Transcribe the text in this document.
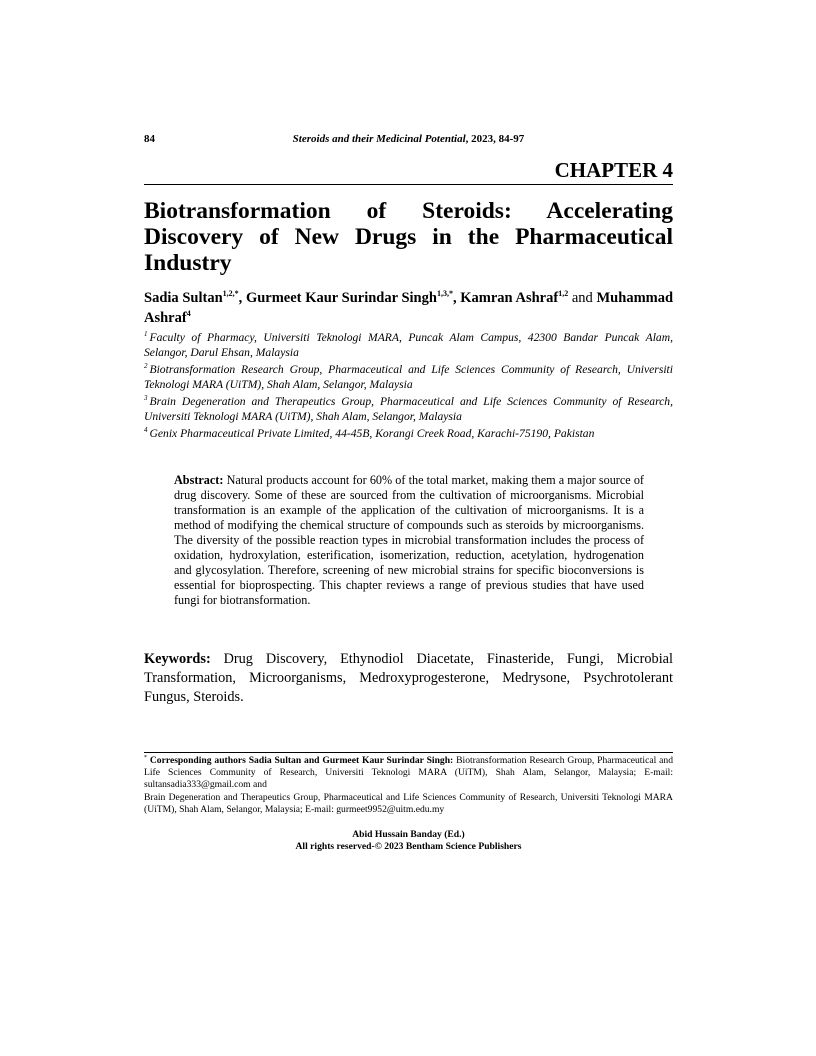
84	Steroids and their Medicinal Potential, 2023, 84-97
CHAPTER 4
Biotransformation of Steroids: Accelerating Discovery of New Drugs in the Pharmaceutical Industry
Sadia Sultan$^{1,2,*}$, Gurmeet Kaur Surindar Singh$^{1,3,*}$, Kamran Ashraf$^{1,2}$ and Muhammad Ashraf$^4$

$^1$ Faculty of Pharmacy, Universiti Teknologi MARA, Puncak Alam Campus, 42300 Bandar Puncak Alam, Selangor, Darul Ehsan, Malaysia

$^2$ Biotransformation Research Group, Pharmaceutical and Life Sciences Community of Research, Universiti Teknologi MARA (UiTM), Shah Alam, Selangor, Malaysia

$^3$ Brain Degeneration and Therapeutics Group, Pharmaceutical and Life Sciences Community of Research, Universiti Teknologi MARA (UiTM), Shah Alam, Selangor, Malaysia

$^4$ Genix Pharmaceutical Private Limited, 44-45B, Korangi Creek Road, Karachi-75190, Pakistan

Abstract: Natural products account for 60% of the total market, making them a major source of drug discovery. Some of these are sourced from the cultivation of microorganisms. Microbial transformation is an example of the application of the cultivation of microorganisms. It is a method of modifying the chemical structure of compounds such as steroids by microorganisms. The diversity of the possible reaction types in microbial transformation includes the process of oxidation, hydroxylation, esterification, isomerization, reduction, acetylation, hydrogenation and glycosylation. Therefore, screening of new microbial strains for specific bioconversions is essential for bioprospecting. This chapter reviews a range of previous studies that have used fungi for biotransformation.
Keywords: Drug Discovery, Ethynodiol Diacetate, Finasteride, Fungi, Microbial Transformation, Microorganisms, Medroxyprogesterone, Medrysone, Psychrotolerant Fungus, Steroids.

* Corresponding authors Sadia Sultan and Gurmeet Kaur Surindar Singh: Biotransformation Research Group, Pharmaceutical and Life Sciences Community of Research, Universiti Teknologi MARA (UiTM), Shah Alam, Selangor, Malaysia; E-mail: sultansadia333@gmail.com and

Brain Degeneration and Therapeutics Group, Pharmaceutical and Life Sciences Community of Research, Universiti Teknologi MARA (UiTM), Shah Alam, Selangor, Malaysia; E-mail: gurmeet9952@uitm.edu.my

Abid Hussain Banday (Ed.)
All rights reserved-© 2023 Bentham Science Publishers
